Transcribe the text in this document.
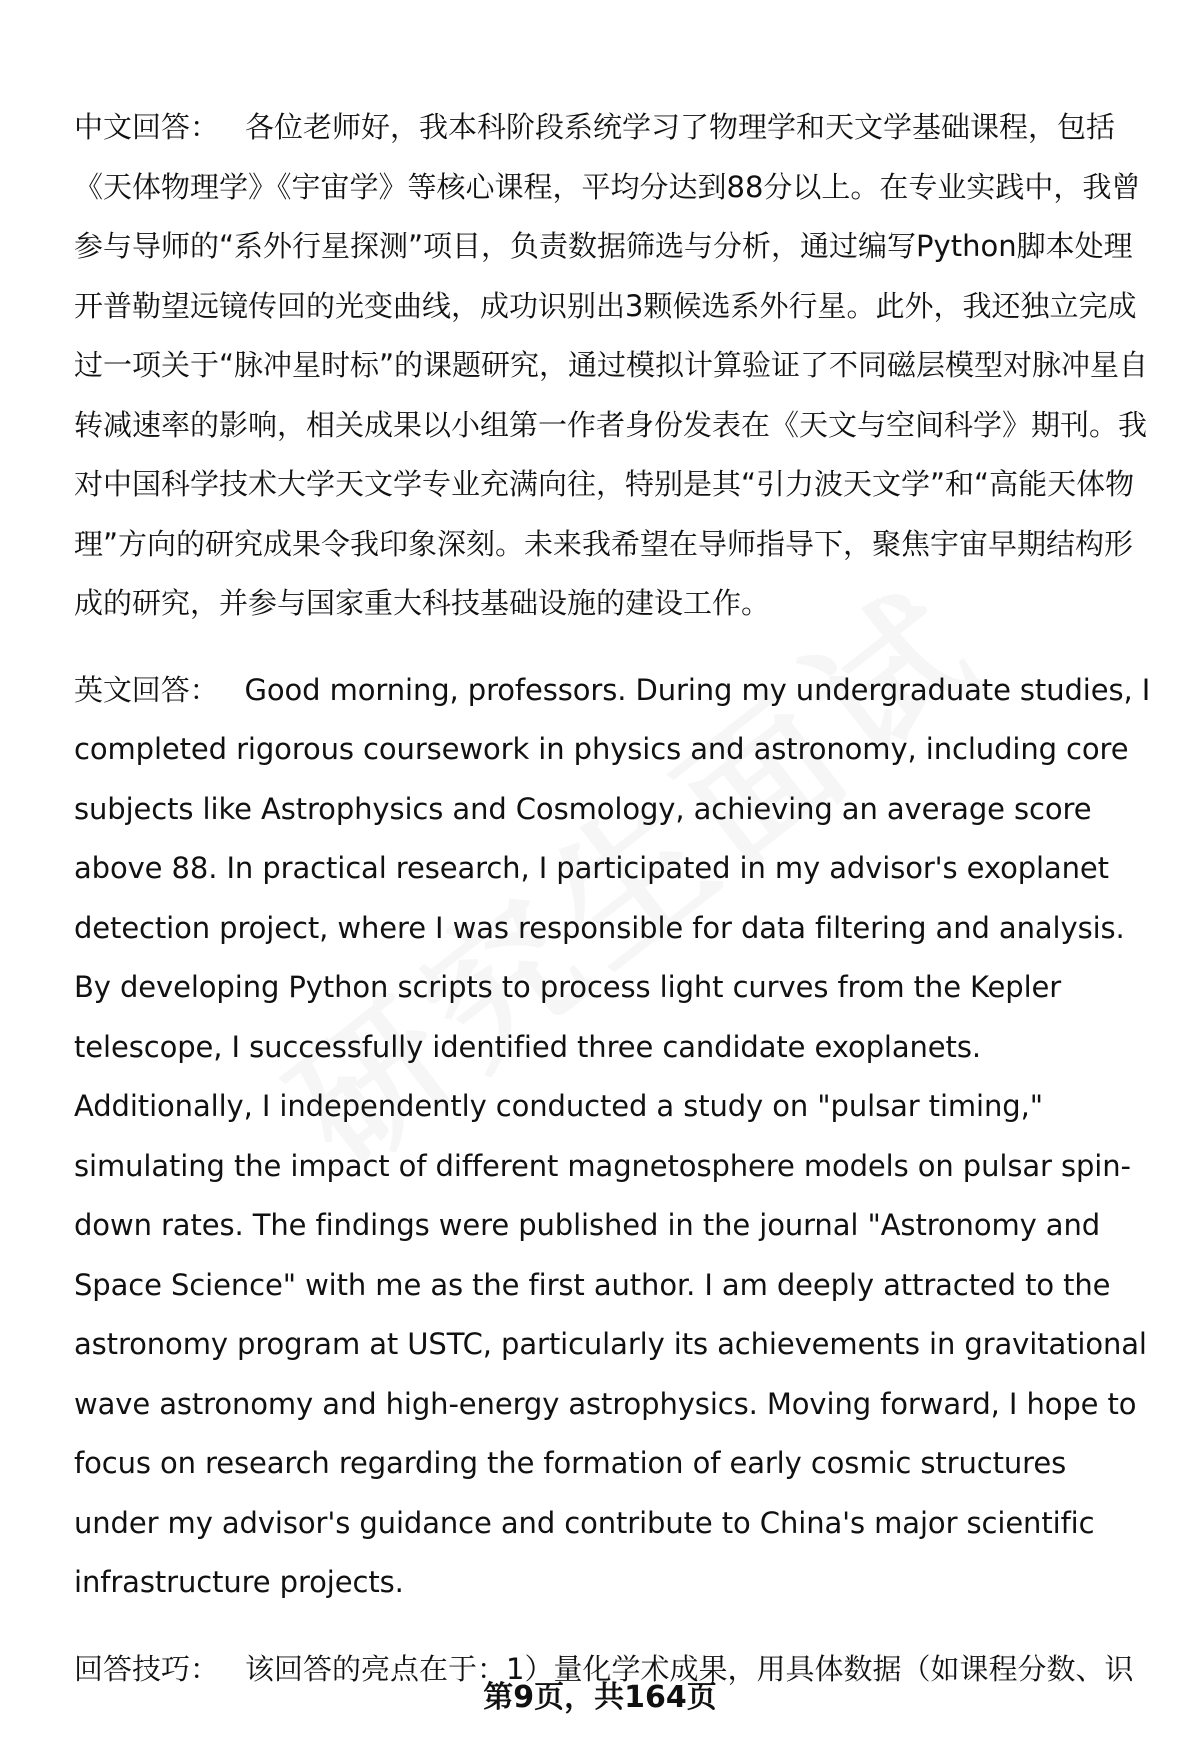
中文回答： 各位老师好，我本科阶段系统学习了物理学和天文学基础课程，包括《天体物理学》《宇宙学》等核心课程，平均分达到88分以上。在专业实践中，我曾参与导师的“系外行星探测”项目，负责数据筛选与分析，通过编写Python脚本处理开普勒望远镜传回的光变曲线，成功识别出3颗候选系外行星。此外，我还独立完成过一项关于“脉冲星时标”的课题研究，通过模拟计算验证了不同磁层模型对脉冲星自转减速率的影响，相关成果以小组第一作者身份发表在《天文与空间科学》期刊。我对中国科学技术大学天文学专业充满向往，特别是其“引力波天文学”和“高能天体物理”方向的研究成果令我印象深刻。未来我希望在导师指导下，聚焦宇宙早期结构形成的研究，并参与国家重大科技基础设施的建设工作。

英文回答： Good morning, professors. During my undergraduate studies, I completed rigorous coursework in physics and astronomy, including core subjects like Astrophysics and Cosmology, achieving an average score above 88. In practical research, I participated in my advisor's exoplanet detection project, where I was responsible for data filtering and analysis. By developing Python scripts to process light curves from the Kepler telescope, I successfully identified three candidate exoplanets. Additionally, I independently conducted a study on "pulsar timing," simulating the impact of different magnetosphere models on pulsar spin-down rates. The findings were published in the journal "Astronomy and Space Science" with me as the first author. I am deeply attracted to the astronomy program at USTC, particularly its achievements in gravitational wave astronomy and high-energy astrophysics. Moving forward, I hope to focus on research regarding the formation of early cosmic structures under my advisor's guidance and contribute to China's major scientific infrastructure projects.

回答技巧： 该回答的亮点在于：1）量化学术成果，用具体数据（如课程分数、识

第9页，共164页
